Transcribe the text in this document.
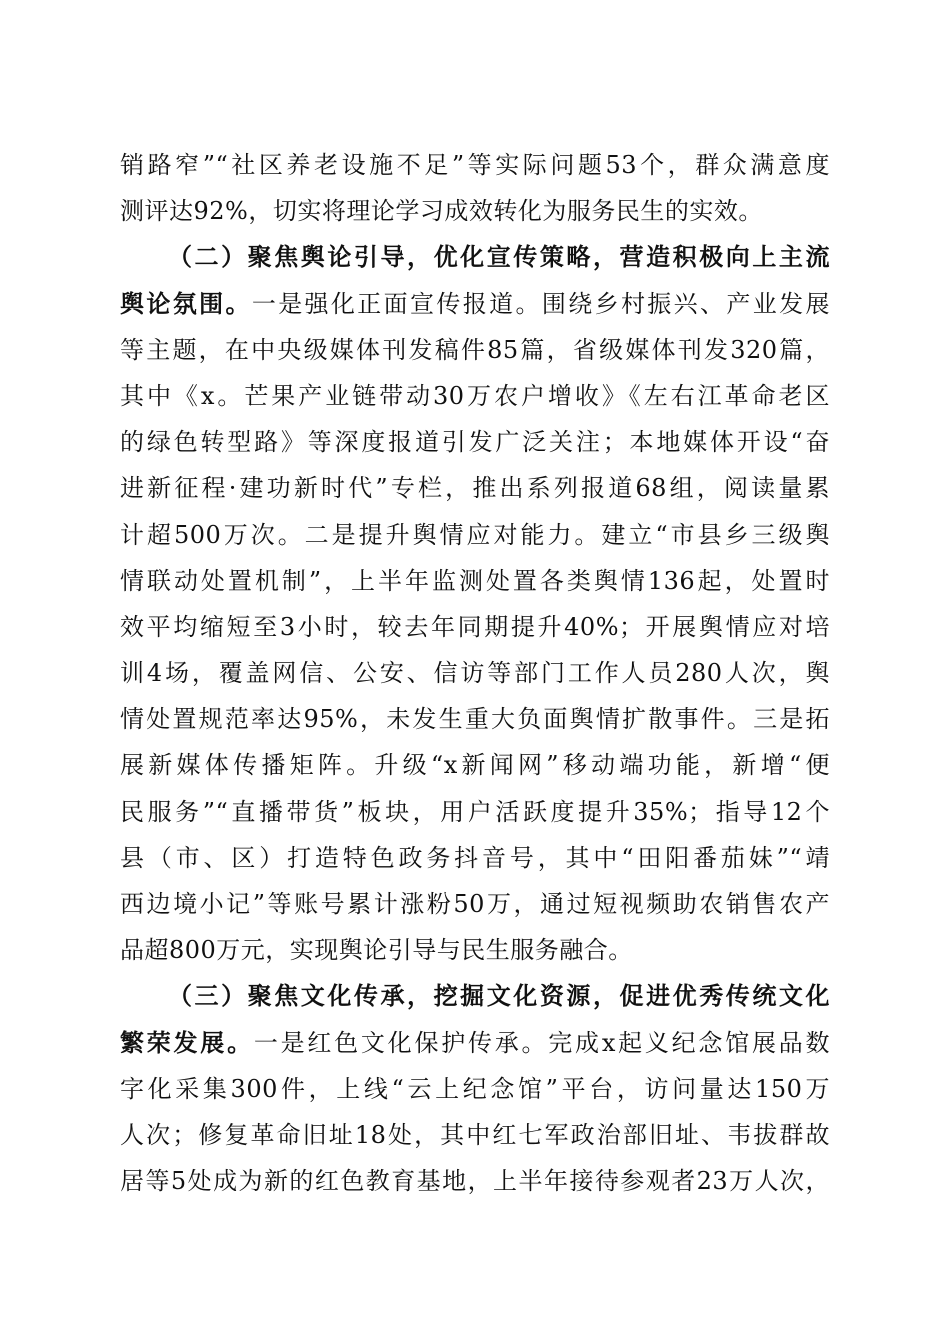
销路窄”“社区养老设施不足”等实际问题53个，群众满意度
测评达92%，切实将理论学习成效转化为服务民生的实效。
（二）聚焦舆论引导，优化宣传策略，营造积极向上主流
舆论氛围。一是强化正面宣传报道。围绕乡村振兴、产业发展
等主题，在中央级媒体刊发稿件85篇，省级媒体刊发320篇，
其中《x。芒果产业链带动30万农户增收》《左右江革命老区
的绿色转型路》等深度报道引发广泛关注；本地媒体开设“奋
进新征程·建功新时代”专栏，推出系列报道68组，阅读量累
计超500万次。二是提升舆情应对能力。建立“市县乡三级舆
情联动处置机制”，上半年监测处置各类舆情136起，处置时
效平均缩短至3小时，较去年同期提升40%；开展舆情应对培
训4场，覆盖网信、公安、信访等部门工作人员280人次，舆
情处置规范率达95%，未发生重大负面舆情扩散事件。三是拓
展新媒体传播矩阵。升级“x新闻网”移动端功能，新增“便
民服务”“直播带货”板块，用户活跃度提升35%；指导12个
县（市、区）打造特色政务抖音号，其中“田阳番茄妹”“靖
西边境小记”等账号累计涨粉50万，通过短视频助农销售农产
品超800万元，实现舆论引导与民生服务融合。
（三）聚焦文化传承，挖掘文化资源，促进优秀传统文化
繁荣发展。一是红色文化保护传承。完成x起义纪念馆展品数
字化采集300件，上线“云上纪念馆”平台，访问量达150万
人次；修复革命旧址18处，其中红七军政治部旧址、韦拔群故
居等5处成为新的红色教育基地，上半年接待参观者23万人次，
